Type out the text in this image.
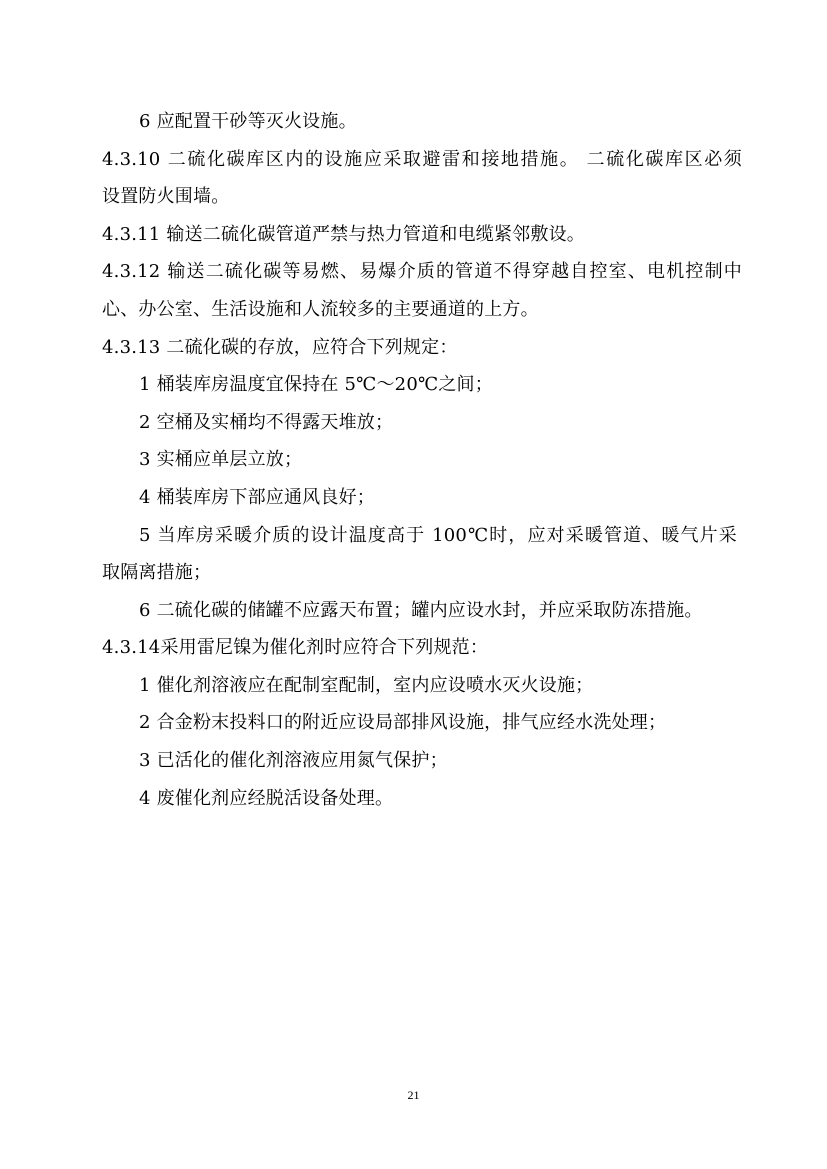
6 应配置干砂等灭火设施。
4.3.10 二硫化碳库区内的设施应采取避雷和接地措施。 二硫化碳库区必须
设置防火围墙。
4.3.11 输送二硫化碳管道严禁与热力管道和电缆紧邻敷设。
4.3.12 输送二硫化碳等易燃、易爆介质的管道不得穿越自控室、电机控制中
心、办公室、生活设施和人流较多的主要通道的上方。
4.3.13 二硫化碳的存放，应符合下列规定：
1 桶装库房温度宜保持在 5℃～20℃之间；
2 空桶及实桶均不得露天堆放；
3 实桶应单层立放；
4 桶装库房下部应通风良好；
5 当库房采暖介质的设计温度高于 100℃时，应对采暖管道、暖气片采
取隔离措施；
6 二硫化碳的储罐不应露天布置；罐内应设水封，并应采取防冻措施。
4.3.14采用雷尼镍为催化剂时应符合下列规范：
1 催化剂溶液应在配制室配制，室内应设喷水灭火设施；
2 合金粉末投料口的附近应设局部排风设施，排气应经水洗处理；
3 已活化的催化剂溶液应用氮气保护；
4 废催化剂应经脱活设备处理。
21
